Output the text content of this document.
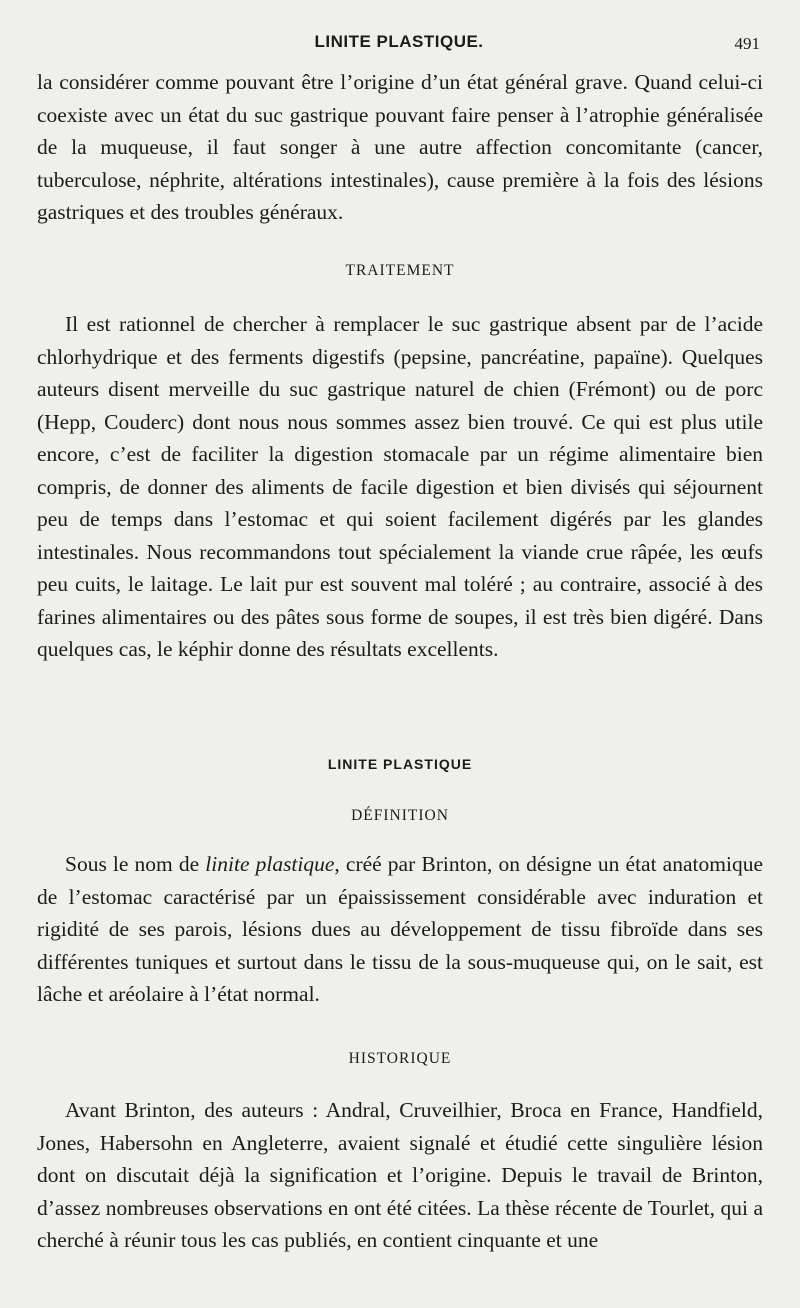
LINITE PLASTIQUE.	491

la considérer comme pouvant être l’origine d’un état général grave. Quand celui-ci coexiste avec un état du suc gastrique pouvant faire penser à l’atrophie généralisée de la muqueuse, il faut songer à une autre affection concomitante (cancer, tuberculose, néphrite, altérations intestinales), cause première à la fois des lésions gastriques et des troubles généraux.

TRAITEMENT

Il est rationnel de chercher à remplacer le suc gastrique absent par de l’acide chlorhydrique et des ferments digestifs (pepsine, pancréatine, papaïne). Quelques auteurs disent merveille du suc gastrique naturel de chien (Frémont) ou de porc (Hepp, Couderc) dont nous nous sommes assez bien trouvé. Ce qui est plus utile encore, c’est de faciliter la digestion stomacale par un régime alimentaire bien compris, de donner des aliments de facile digestion et bien divisés qui séjournent peu de temps dans l’estomac et qui soient facilement digérés par les glandes intestinales. Nous recommandons tout spécialement la viande crue râpée, les œufs peu cuits, le laitage. Le lait pur est souvent mal toléré ; au contraire, associé à des farines alimentaires ou des pâtes sous forme de soupes, il est très bien digéré. Dans quelques cas, le képhir donne des résultats excellents.

LINITE PLASTIQUE
DÉFINITION

Sous le nom de linite plastique, créé par Brinton, on désigne un état anatomique de l’estomac caractérisé par un épaississement considérable avec induration et rigidité de ses parois, lésions dues au développement de tissu fibroïde dans ses différentes tuniques et surtout dans le tissu de la sous-muqueuse qui, on le sait, est lâche et aréolaire à l’état normal.

HISTORIQUE

Avant Brinton, des auteurs : Andral, Cruveilhier, Broca en France, Handfield, Jones, Habersohn en Angleterre, avaient signalé et étudié cette singulière lésion dont on discutait déjà la signification et l’origine. Depuis le travail de Brinton, d’assez nombreuses observations en ont été citées. La thèse récente de Tourlet, qui a cherché à réunir tous les cas publiés, en contient cinquante et une
